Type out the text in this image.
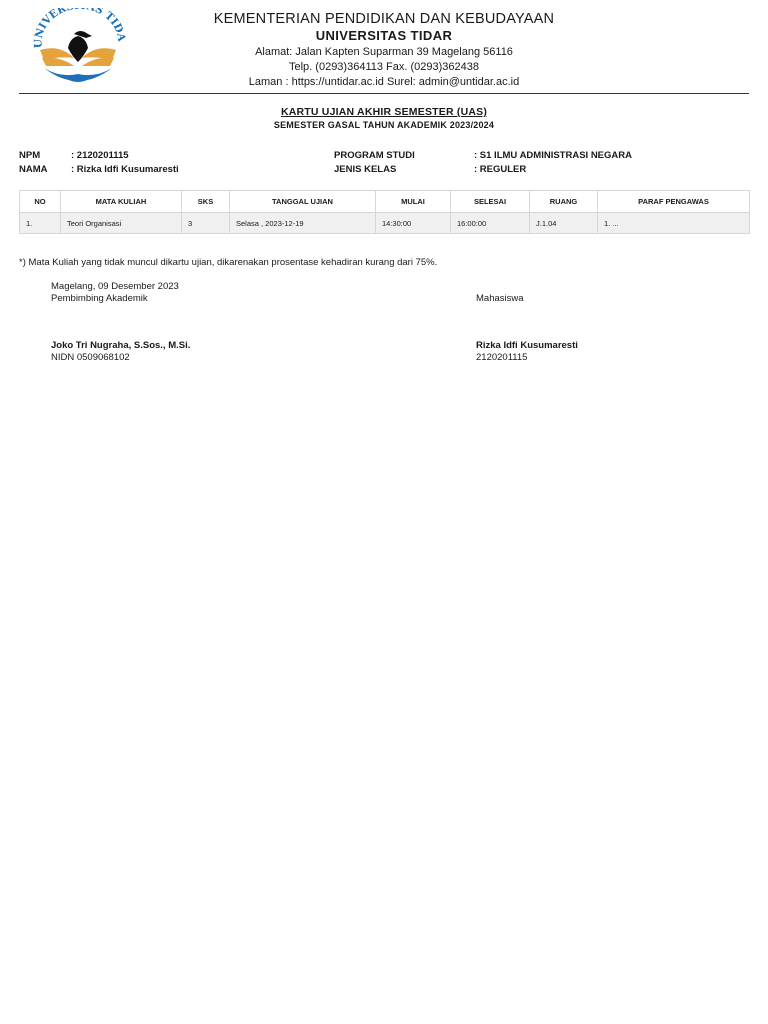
UNIVER S TID
KEMENTERIAN PENDIDIKAN DAN KEBUDAYAAN
UNIVERSITAS TIDAR
Alamat: Jalan Kapten Suparman 39 Magelang 56116
Telp. (0293)364113 Fax. (0293)362438
Laman : https://untidar.ac.id Surel: admin@untidar.ac.id
KARTU UJIAN AKHIR SEMESTER (UAS)
SEMESTER GASAL TAHUN AKADEMIK 2023/2024
NPM	: 2120201115
NAMA : Rizka Idfi Kusumaresti
PROGRAM STUDI	: S1 ILMU ADMINISTRASI NEGARA
JENIS KELAS	: REGULER
NO	MATA KULIAH	SKS	TANGGAL UJIAN	MULAI	SELESAI	RUANG	PARAF PENGAWAS
1.	Teori Organisasi	3	Selasa , 2023-12-19	14:30:00	16:00:00	J.1.04	1. ...
*) Mata Kuliah yang tidak muncul dikartu ujian, dikarenakan prosentase kehadiran kurang dari 75%.
Magelang, 09 Desember 2023
Pembimbing Akademik
Joko Tri Nugraha, S.Sos., M.Si.
NIDN 0509068102
Mahasiswa
Rizka Idfi Kusumaresti
2120201115
